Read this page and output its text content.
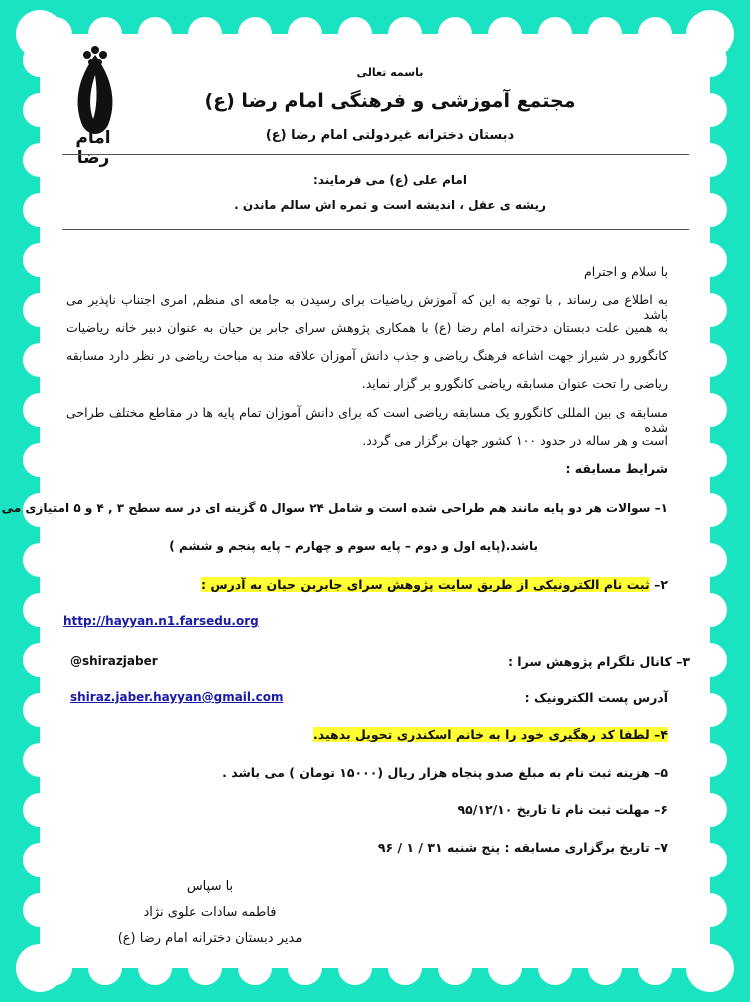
امام رضا
باسمه تعالی
مجتمع آموزشی و فرهنگی امام رضا (ع)
دبستان دخترانه غیردولتی امام رضا (ع)
امام علی (ع) می فرمایند:
ریشه ی عقل ، اندیشه است و ثمره اش سالم ماندن .
با سلام و احترام
به اطلاع می رساند , با توجه به این که آموزش ریاضیات برای رسیدن به جامعه ای منظم, امری اجتناب ناپذیر می باشد
به همین علت دبستان دخترانه امام رضا (ع) با همکاری پژوهش سرای جابر بن حیان به عنوان دبیر خانه ریاضیات
کانگورو در شیراز جهت اشاعه فرهنگ ریاضی و جذب دانش آموزان علاقه مند به مباحث ریاضی در نظر دارد مسابقه
ریاضی را تحت عنوان مسابقه ریاضی کانگورو بر گزار نماید.
مسابقه ی بین المللی کانگورو یک مسابقه ریاضی است که برای دانش آموزان تمام پایه ها در مقاطع مختلف طراحی شده
است و هر ساله در حدود ۱۰۰ کشور جهان برگزار می گردد.
شرایط مسابقه :
۱– سوالات هر دو پایه مانند هم طراحی شده است و شامل ۲۴ سوال ۵ گزینه ای در سه سطح ۳ , ۴ و ۵ امتیازی می
باشد.(پایه اول و دوم – پایه سوم و چهارم – پایه پنجم و ششم )
۲– ثبت نام الکترونیکی از طریق سایت پژوهش سرای جابربن حیان به آدرس :
http://hayyan.n1.farsedu.org
۳– کانال تلگرام پژوهش سرا :
@shirazjaber
آدرس پست الکترونیک :
shiraz.jaber.hayyan@gmail.com
۴– لطفا کد رهگیری خود را به خانم اسکندری تحویل بدهید.
۵– هزینه ثبت نام به مبلغ صدو پنجاه هزار ریال (۱۵۰۰۰ تومان ) می باشد .
۶– مهلت ثبت نام تا تاریخ ۹۵/۱۲/۱۰
۷– تاریخ برگزاری مسابقه : پنج شنبه ۳۱ / ۱ / ۹۶
با سپاس
فاطمه سادات علوی نژاد
مدیر دبستان دخترانه امام رضا (ع)
